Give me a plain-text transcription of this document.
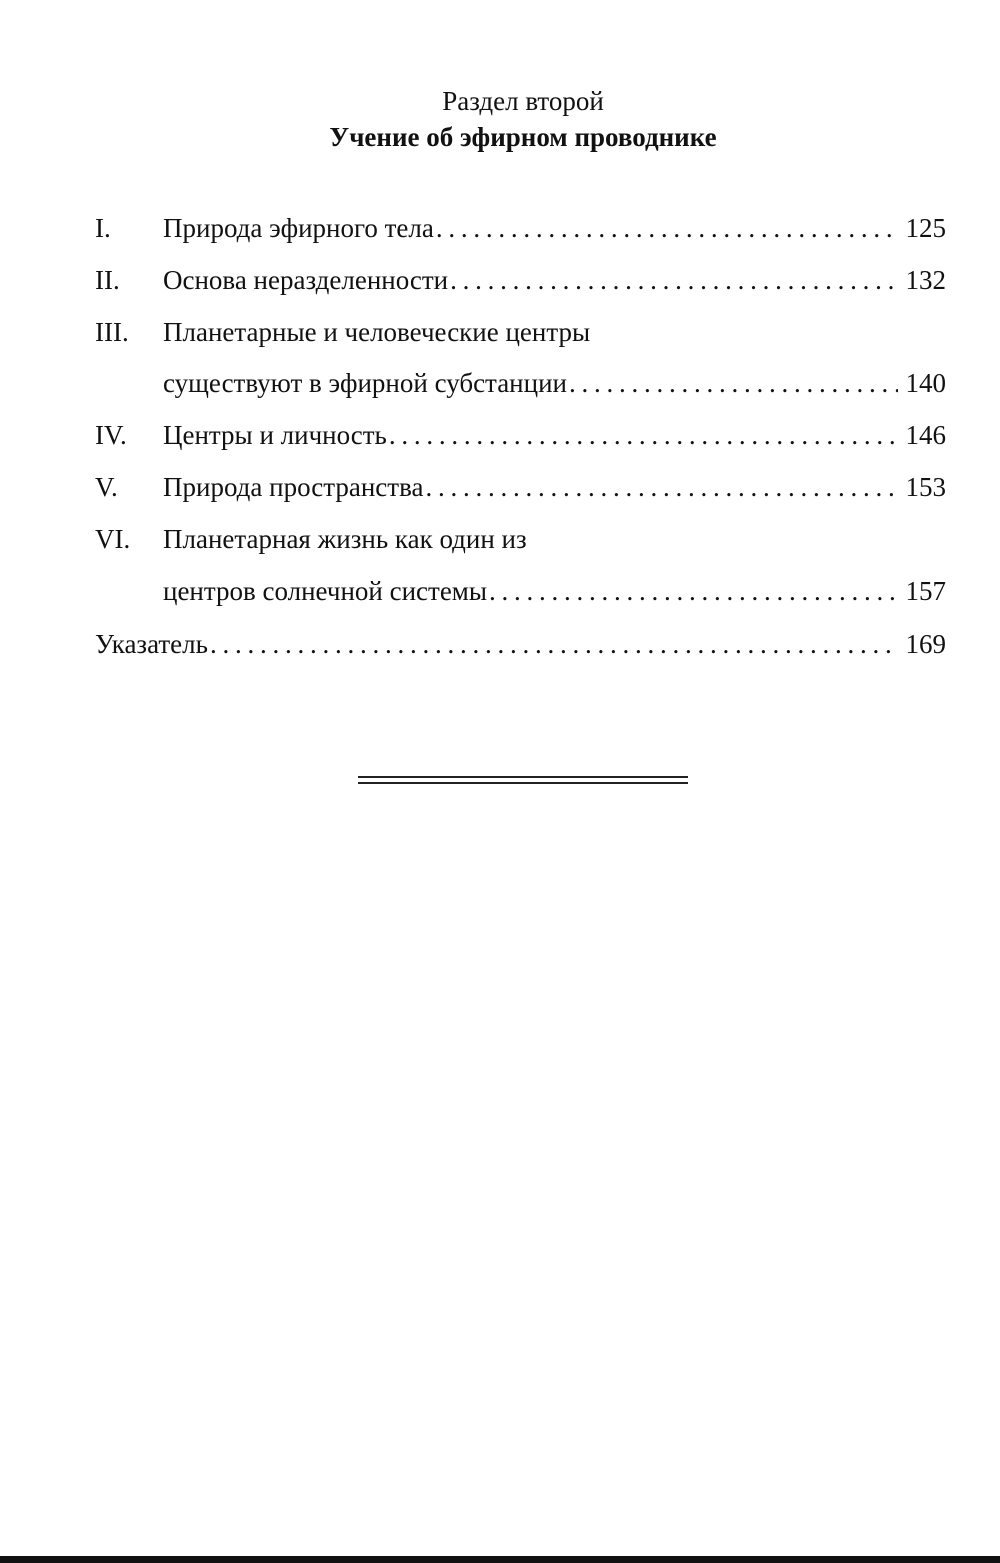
Раздел второй
Учение об эфирном проводнике
I.	Природа эфирного тела . . .	125
II.	Основа неразделенности . . .	132
III.	Планетарные и человеческие центры
существуют в эфирной субстанции . . .	140
IV.	Центры и личность . . .	146
V.	Природа пространства . . .	153
VI.	Планетарная жизнь как один из
центров солнечной системы . . .	157
Указатель . . .	169
